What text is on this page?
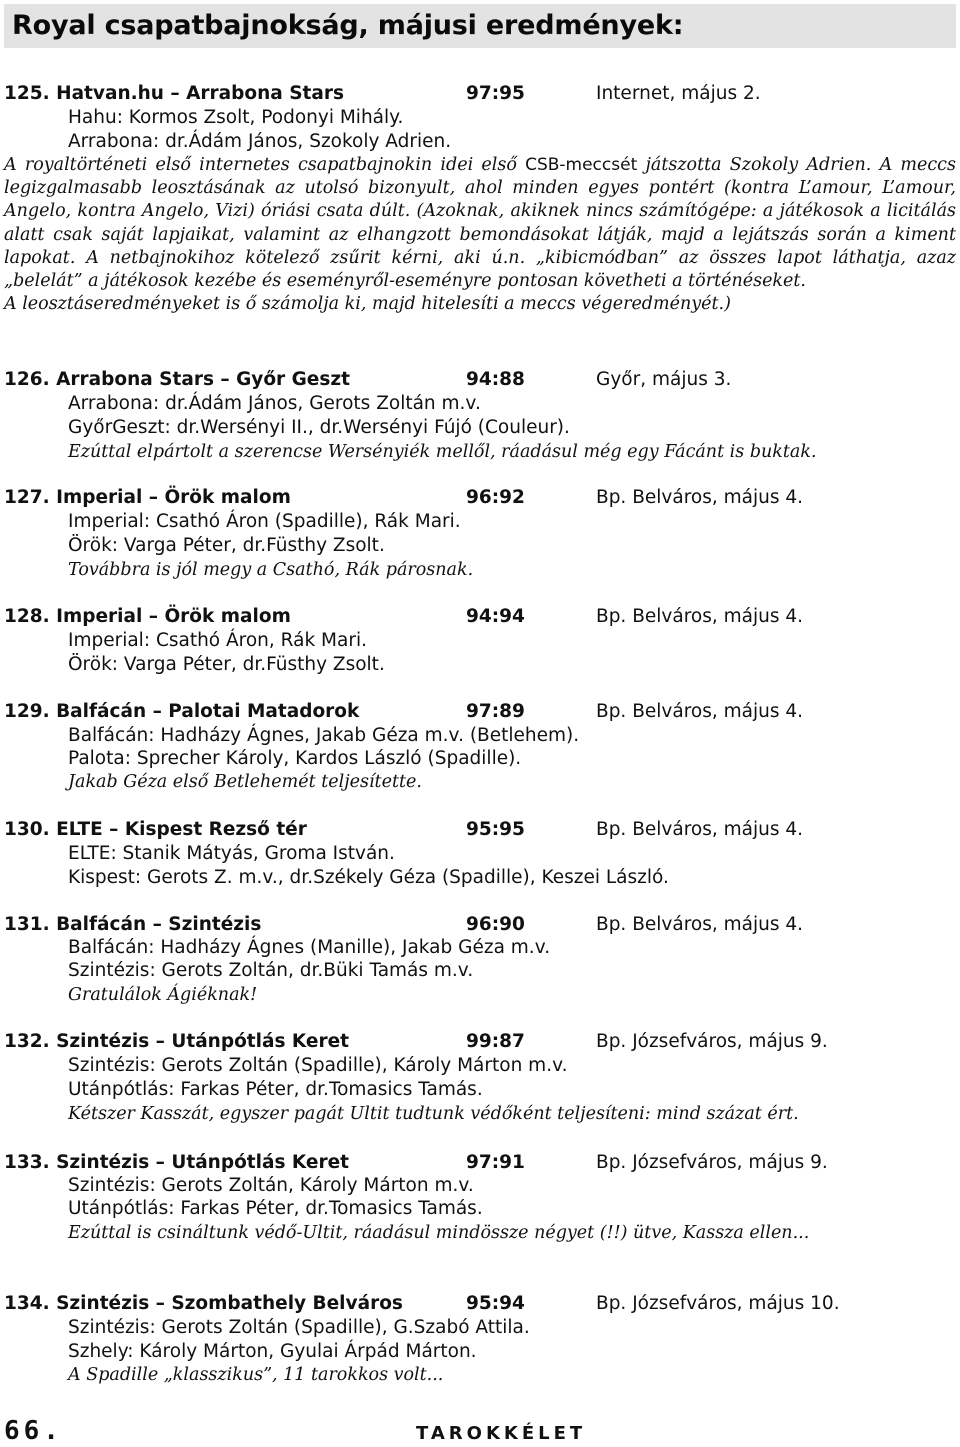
Royal csapatbajnokság, májusi eredmények:
125. Hatvan.hu – Arrabona Stars	97:95	Internet, május 2.
Hahu: Kormos Zsolt, Podonyi Mihály.
Arrabona: dr.Ádám János, Szokoly Adrien.
A royaltörténeti első internetes csapatbajnokin idei első CSB-meccsét játszotta Szokoly Adrien. A meccs legizgalmasabb leosztásának az utolsó bizonyult, ahol minden egyes pontért (kontra L’amour, L’amour, Angelo, kontra Angelo, Vizi) óriási csata dúlt. (Azoknak, akiknek nincs számítógépe: a játékosok a licitálás alatt csak saját lapjaikat, valamint az elhangzott bemondásokat látják, majd a lejátszás során a kiment lapokat. A netbajnokihoz kötelező zsűrit kérni, aki ú.n. „kibicmódban” az összes lapot láthatja, azaz „belelát” a játékosok kezébe és eseményről-eseményre pontosan követheti a történéseket.
A leosztáseredményeket is ő számolja ki, majd hitelesíti a meccs végeredményét.)
126. Arrabona Stars – Győr Geszt	94:88	Győr, május 3.
Arrabona: dr.Ádám János, Gerots Zoltán m.v.
GyőrGeszt: dr.Wersényi II., dr.Wersényi Fújó (Couleur).
Ezúttal elpártolt a szerencse Wersényiék mellől, ráadásul még egy Fácánt is buktak.
127. Imperial – Örök malom	96:92	Bp. Belváros, május 4.
Imperial: Csathó Áron (Spadille), Rák Mari.
Örök: Varga Péter, dr.Füsthy Zsolt.
Továbbra is jól megy a Csathó, Rák párosnak.
128. Imperial – Örök malom	94:94	Bp. Belváros, május 4.
Imperial: Csathó Áron, Rák Mari.
Örök: Varga Péter, dr.Füsthy Zsolt.
129. Balfácán – Palotai Matadorok	97:89	Bp. Belváros, május 4.
Balfácán: Hadházy Ágnes, Jakab Géza m.v. (Betlehem).
Palota: Sprecher Károly, Kardos László (Spadille).
Jakab Géza első Betlehemét teljesítette.
130. ELTE – Kispest Rezső tér	95:95	Bp. Belváros, május 4.
ELTE: Stanik Mátyás, Groma István.
Kispest: Gerots Z. m.v., dr.Székely Géza (Spadille), Keszei László.
131. Balfácán – Szintézis	96:90	Bp. Belváros, május 4.
Balfácán: Hadházy Ágnes (Manille), Jakab Géza m.v.
Szintézis: Gerots Zoltán, dr.Büki Tamás m.v.
Gratulálok Ágiéknak!
132. Szintézis – Utánpótlás Keret	99:87	Bp. Józsefváros, május 9.
Szintézis: Gerots Zoltán (Spadille), Károly Márton m.v.
Utánpótlás: Farkas Péter, dr.Tomasics Tamás.
Kétszer Kasszát, egyszer pagát Ultit tudtunk védőként teljesíteni: mind százat ért.
133. Szintézis – Utánpótlás Keret	97:91	Bp. Józsefváros, május 9.
Szintézis: Gerots Zoltán, Károly Márton m.v.
Utánpótlás: Farkas Péter, dr.Tomasics Tamás.
Ezúttal is csináltunk védő-Ultit, ráadásul mindössze négyet (!!) ütve, Kassza ellen...
134. Szintézis – Szombathely Belváros	95:94	Bp. Józsefváros, május 10.
Szintézis: Gerots Zoltán (Spadille), G.Szabó Attila.
Szhely: Károly Márton, Gyulai Árpád Márton.
A Spadille „klasszikus”, 11 tarokkos volt...
66.	TAROKKÉLET
